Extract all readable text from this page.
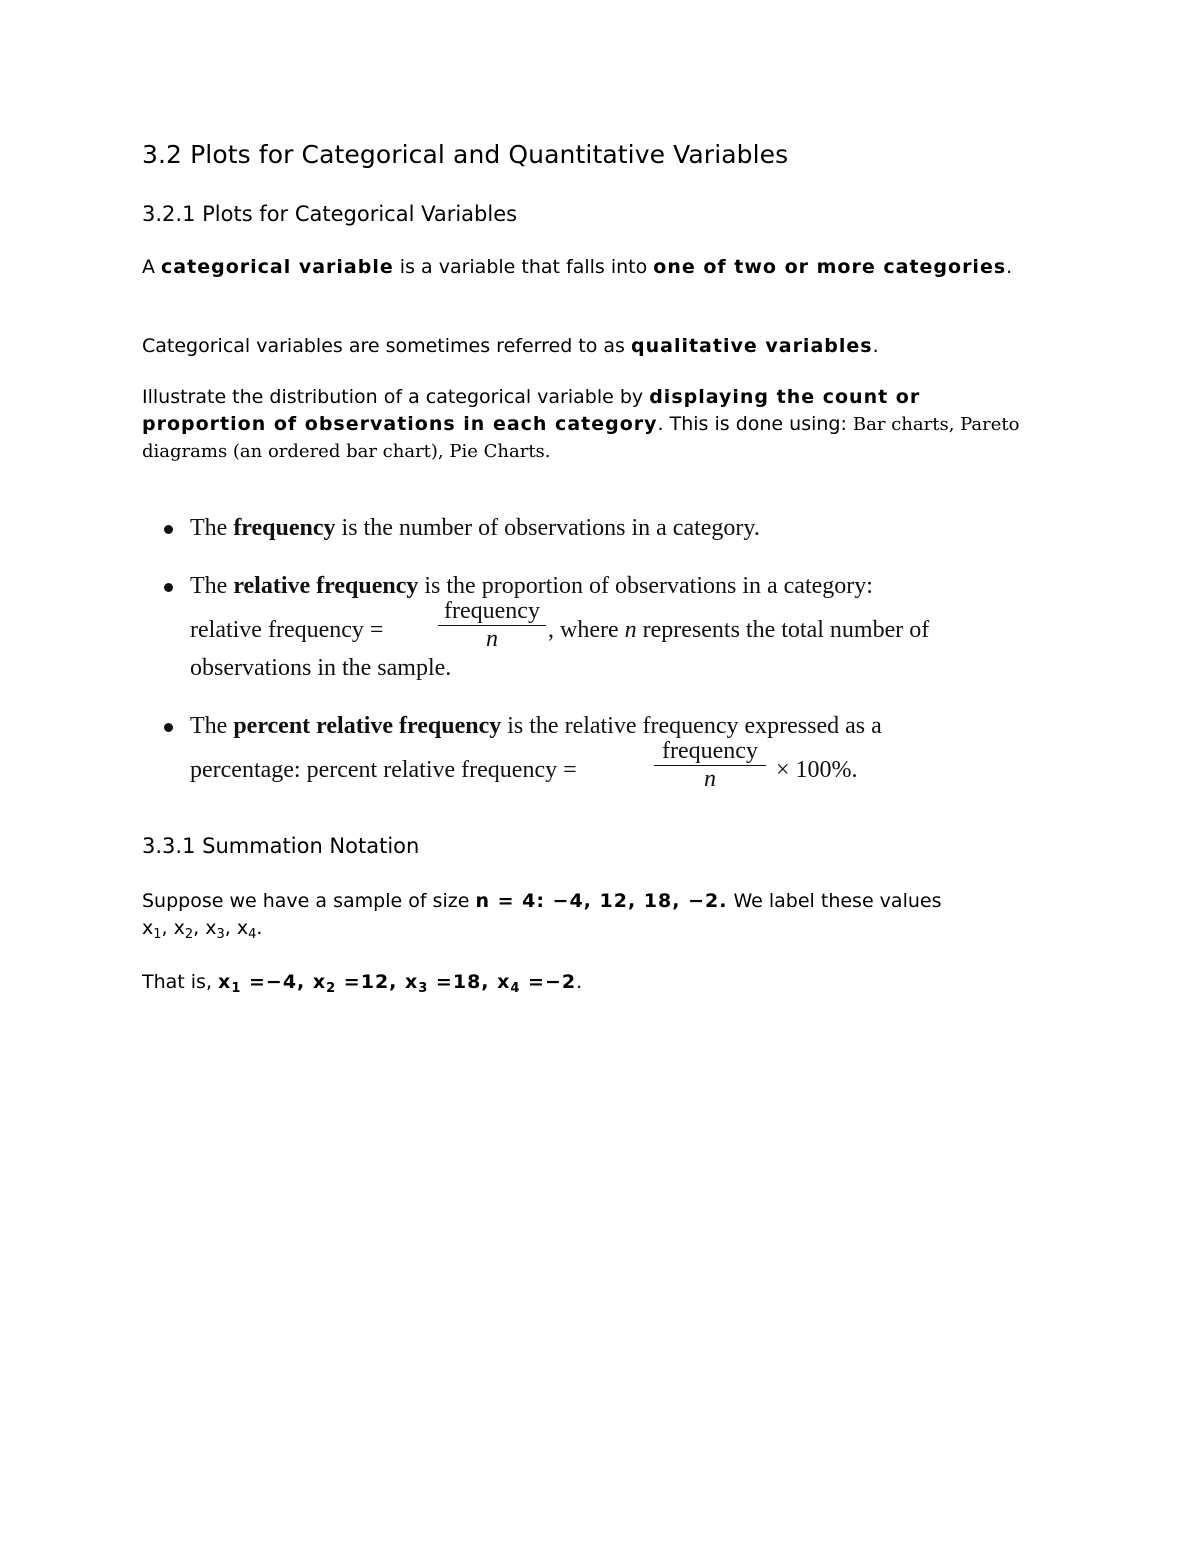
3.2 Plots for Categorical and Quantitative Variables
3.2.1 Plots for Categorical Variables

A categorical variable is a variable that falls into one of two or more categories.

Categorical variables are sometimes referred to as qualitative variables.

Illustrate the distribution of a categorical variable by displaying the count or proportion of observations in each category. This is done using: Bar charts, Pareto diagrams (an ordered bar chart), Pie Charts.

3.3.1 Summation Notation

Suppose we have a sample of size n = 4: −4, 12, 18, −2. We label these values
$x_1$, $x_2$, $x_3$, $x_4$.

That is, $x_1 =-4$, $x_2 =12$, $x_3 =18$, $x_4 =-2$.

The frequency is the number of observations in a category.
The relative frequency is the proportion of observations in a category:
relative frequency =
frequency
n	, where n represents the total number of
observations in the sample.
The percent relative frequency is the relative frequency expressed as a
percentage: percent relative frequency =
frequency
n	× 100%.
